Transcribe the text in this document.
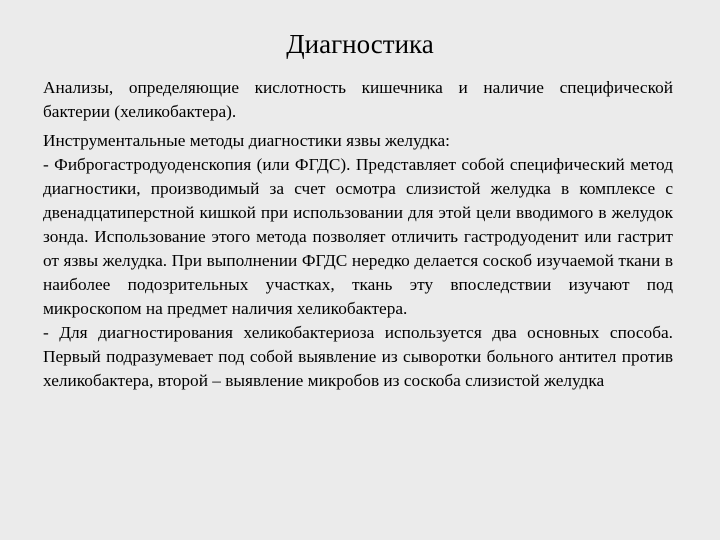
Диагностика

Анализы, определяющие кислотность кишечника и наличие специфической бактерии (хеликобактера).

Инструментальные методы диагностики язвы желудка:

- Фиброгастродуоденскопия (или ФГДС). Представляет собой специфический метод диагностики, производимый за счет осмотра слизистой желудка в комплексе с двенадцатиперстной кишкой при использовании для этой цели вводимого в желудок зонда. Использование этого метода позволяет отличить гастродуоденит или гастрит от язвы желудка. При выполнении ФГДС нередко делается соскоб изучаемой ткани в наиболее подозрительных участках, ткань эту впоследствии изучают под микроскопом на предмет наличия хеликобактера.

- Для диагностирования хеликобактериоза используется два основных способа. Первый подразумевает под собой выявление из сыворотки больного антител против хеликобактера, второй – выявление микробов из соскоба слизистой желудка
